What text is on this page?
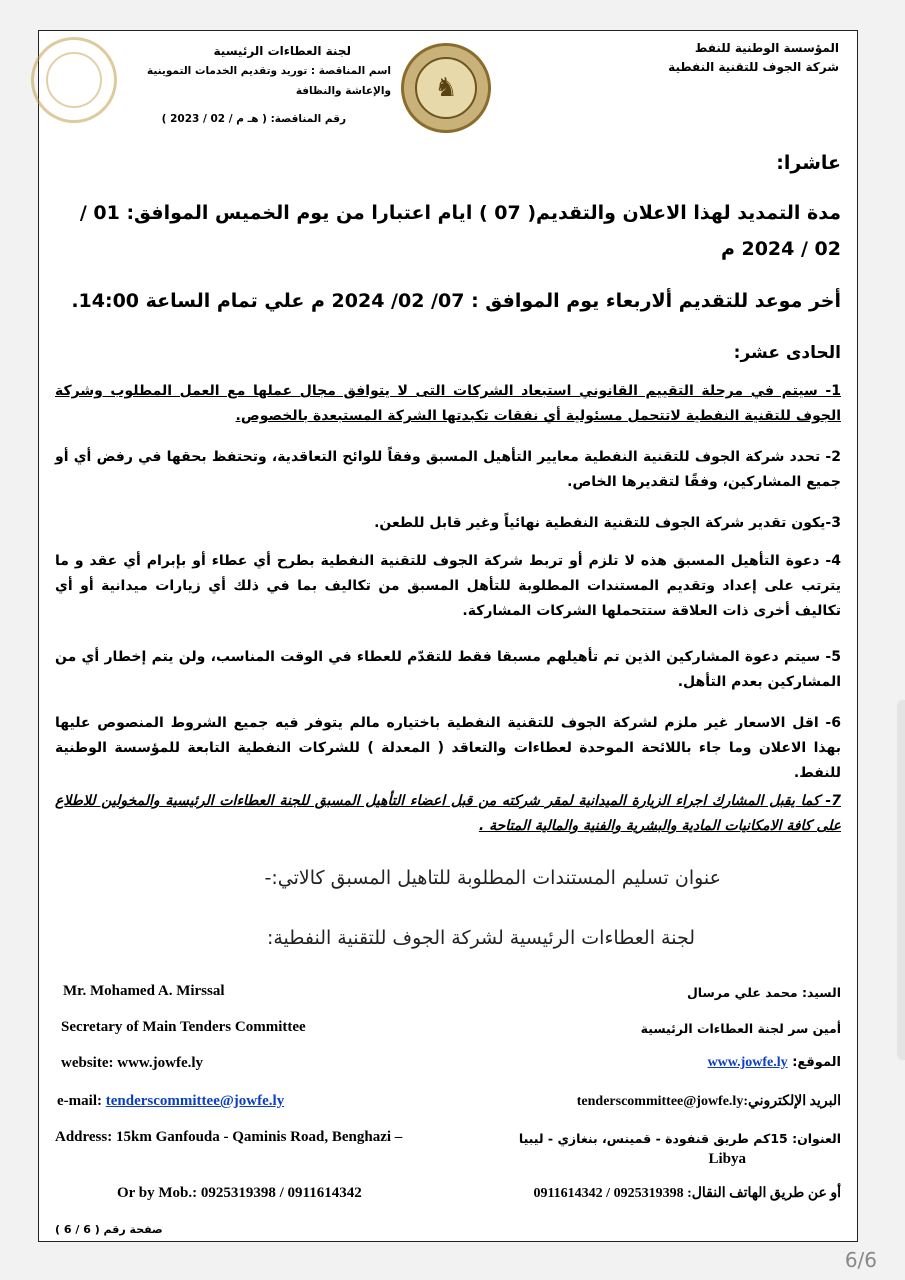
المؤسسة الوطنية للنفط
شركة الجوف للتقنية النفطية
♞
لجنة العطاءات الرئيسية
اسم المناقصة : توريد وتقديم الخدمات التموينية والإعاشة والنظافة
رقم المناقصة: ( هـ م / 02 / 2023 )
عاشرا:
مدة التمديد لهذا الاعلان والتقديم( 07 ) ايام اعتبارا من يوم الخميس الموافق: 01 /
02 / 2024 م
أخر موعد للتقديم ألاربعاء يوم الموافق : 07/ 02/ 2024 م علي تمام الساعة 14:00.
الحادى عشر:
1- سيتم في مرحلة التقييم القانوني استبعاد الشركات التى لا يتوافق مجال عملها مع العمل المطلوب وشركة الجوف للتقنية النفطية لاتتحمل مسئولية أي نفقات تكبدتها الشركة المستبعدة بالخصوص.
2- تحدد شركة الجوف للتقنية النفطية معايير التأهيل المسبق وفقاً للوائح التعاقدية، وتحتفظ بحقها في رفض أي أو جميع المشاركين، وفقًا لتقديرها الخاص.
3-يكون تقدير شركة الجوف للتقنية النفطية نهائياً وغير قابل للطعن.
4- دعوة التأهيل المسبق هذه لا تلزم أو تربط شركة الجوف للتقنية النفطية بطرح أي عطاء أو بإبرام أي عقد و ما يترتب على إعداد وتقديم المستندات المطلوبة للتأهل المسبق من تكاليف بما في ذلك أي زيارات ميدانية أو أي تكاليف أخرى ذات العلاقة ستتحملها الشركات المشاركة.
5- سيتم دعوة المشاركين الذين تم تأهيلهم مسبقا فقط للتقدّم للعطاء في الوقت المناسب، ولن يتم إخطار أي من المشاركين بعدم التأهل.
6- اقل الاسعار غير ملزم لشركة الجوف للتقنية النفطية باختياره مالم يتوفر فيه جميع الشروط المنصوص عليها بهذا الاعلان وما جاء باللائحة الموحدة لعطاءات والتعاقد ( المعدلة ) للشركات النفطية التابعة للمؤسسة الوطنية للنفط.
7- كما يقبل المشارك اجراء الزيارة الميدانية لمقر شركته من قبل اعضاء التأهيل المسبق للجنة العطاءات الرئيسية والمخولين للاطلاع على كافة الامكانيات المادية والبشرية والفنية والمالية المتاحة .
عنوان تسليم المستندات المطلوبة للتاهيل المسبق كالاتي:-
لجنة العطاءات الرئيسية لشركة الجوف للتقنية النفطية:
Mr. Mohamed A. Mirssal	السيد: محمد علي مرسال
Secretary of Main Tenders Committee	أمين سر لجنة العطاءات الرئيسية
website: www.jowfe.ly	الموقع: www.jowfe.ly
e-mail: tenderscommittee@jowfe.ly	البريد الإلكتروني:tenderscommittee@jowfe.ly
Address: 15km Ganfouda - Qaminis Road, Benghazi –	العنوان: 15كم طريق قنفودة - قمينس، بنغازي - ليبيا
Libya
Or by Mob.: 0925319398 / 0911614342	أو عن طريق الهاتف النقال: 0925319398 / 0911614342
صفحة رقم ( 6 / 6 )
6/6
